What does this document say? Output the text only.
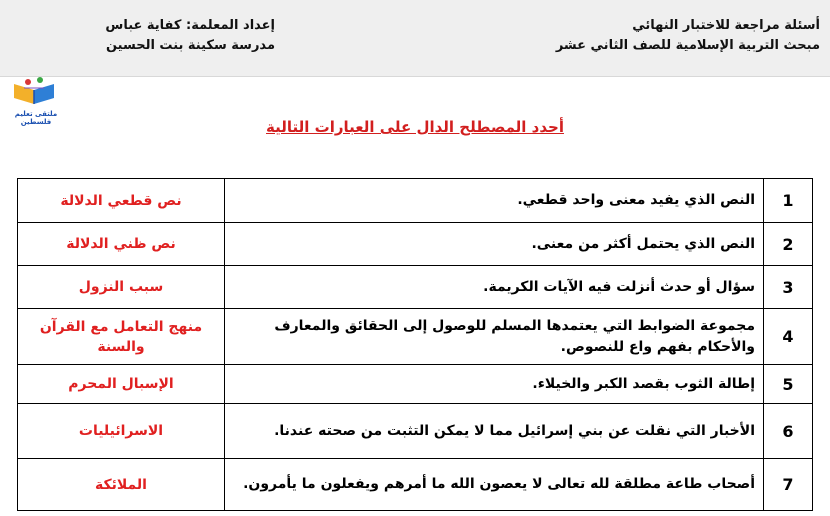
أسئلة مراجعة للاختبار النهائي
مبحث التربية الإسلامية للصف الثاني عشر
إعداد المعلمة: كفاية عباس
مدرسة سكينة بنت الحسين
ملتقى تعليم فلسطين	أحدد المصطلح الدال على العبارات التالية
1	النص الذي يفيد معنى واحد قطعي.	نص قطعي الدلالة
2	النص الذي يحتمل أكثر من معنى.	نص ظني الدلالة
3	سؤال أو حدث أنزلت فيه الآيات الكريمة.	سبب النزول
4	مجموعة الضوابط التي يعتمدها المسلم للوصول إلى الحقائق والمعارف والأحكام بفهم واع للنصوص.	منهج التعامل مع القرآن والسنة
5	إطالة الثوب بقصد الكبر والخيلاء.	الإسبال المحرم
6	الأخبار التي نقلت عن بني إسرائيل مما لا يمكن التثبت من صحته عندنا.	الاسرائيليات
7	أصحاب طاعة مطلقة لله تعالى لا يعصون الله ما أمرهم ويفعلون ما يأمرون.	الملائكة
